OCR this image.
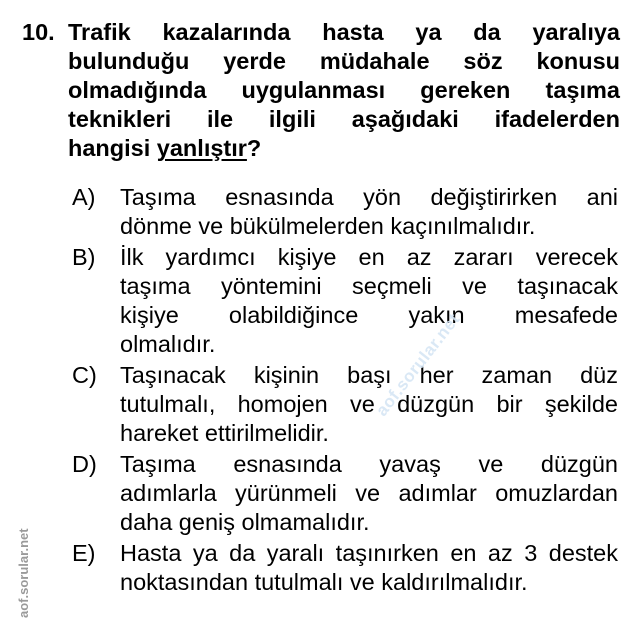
10. Trafik kazalarında hasta ya da yaralıya
bulunduğu yerde müdahale söz konusu
olmadığında uygulanması gereken taşıma
teknikleri ile ilgili aşağıdaki ifadelerden
hangisi yanlıştır?
A) Taşıma esnasında yön değiştirirken ani
dönme ve bükülmelerden kaçınılmalıdır.
B) İlk yardımcı kişiye en az zararı verecek
taşıma yöntemini seçmeli ve taşınacak
kişiye olabildiğince yakın mesafede
olmalıdır.
C) Taşınacak kişinin başı her zaman düz
tutulmalı, homojen ve düzgün bir şekilde
hareket ettirilmelidir.
D) Taşıma esnasında yavaş ve düzgün
adımlarla yürünmeli ve adımlar omuzlardan
daha geniş olmamalıdır.
E) Hasta ya da yaralı taşınırken en az 3 destek
noktasından tutulmalı ve kaldırılmalıdır.
aof.sorular.net
aof.sorular.net
